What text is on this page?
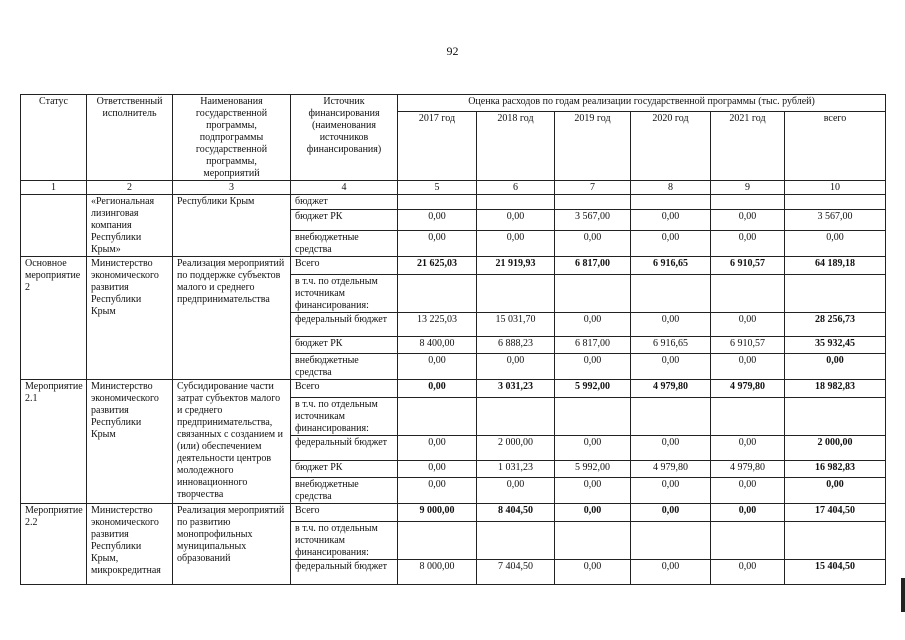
92
Статус	Ответственный исполнитель	Наименования государственной программы, подпрограммы государственной программы, мероприятий	Источник финансирования (наименования источников финансирования)	Оценка расходов по годам реализации государственной программы (тыс. рублей)					
				2017 год	2018 год	2019 год	2020 год	2021 год	всего
1	2	3	4	5	6	7	8	9	10
	«Региональная лизинговая компания Республики Крым»	Республики Крым	бюджет						
			бюджет РК	0,00	0,00	3 567,00	0,00	0,00	3 567,00
			внебюджетные средства	0,00	0,00	0,00	0,00	0,00	0,00
Основное мероприятие 2	Министерство экономического развития Республики Крым	Реализация мероприятий по поддержке субъектов малого и среднего предпринимательства	Всего	21 625,03	21 919,93	6 817,00	6 916,65	6 910,57	64 189,18
			в т.ч. по отдельным источникам финансирования:						
			федеральный бюджет	13 225,03	15 031,70	0,00	0,00	0,00	28 256,73
			бюджет РК	8 400,00	6 888,23	6 817,00	6 916,65	6 910,57	35 932,45
			внебюджетные средства	0,00	0,00	0,00	0,00	0,00	0,00
Мероприятие 2.1	Министерство экономического развития Республики Крым	Субсидирование части затрат субъектов малого и среднего предпринимательства, связанных с созданием и (или) обеспечением деятельности центров молодежного инновационного творчества	Всего	0,00	3 031,23	5 992,00	4 979,80	4 979,80	18 982,83
			в т.ч. по отдельным источникам финансирования:						
			федеральный бюджет	0,00	2 000,00	0,00	0,00	0,00	2 000,00
			бюджет РК	0,00	1 031,23	5 992,00	4 979,80	4 979,80	16 982,83
			внебюджетные средства	0,00	0,00	0,00	0,00	0,00	0,00
Мероприятие 2.2	Министерство экономического развития Республики Крым, микрокредитная	Реализация мероприятий по развитию монопрофильных муниципальных образований	Всего	9 000,00	8 404,50	0,00	0,00	0,00	17 404,50
			в т.ч. по отдельным источникам финансирования:						
			федеральный бюджет	8 000,00	7 404,50	0,00	0,00	0,00	15 404,50
